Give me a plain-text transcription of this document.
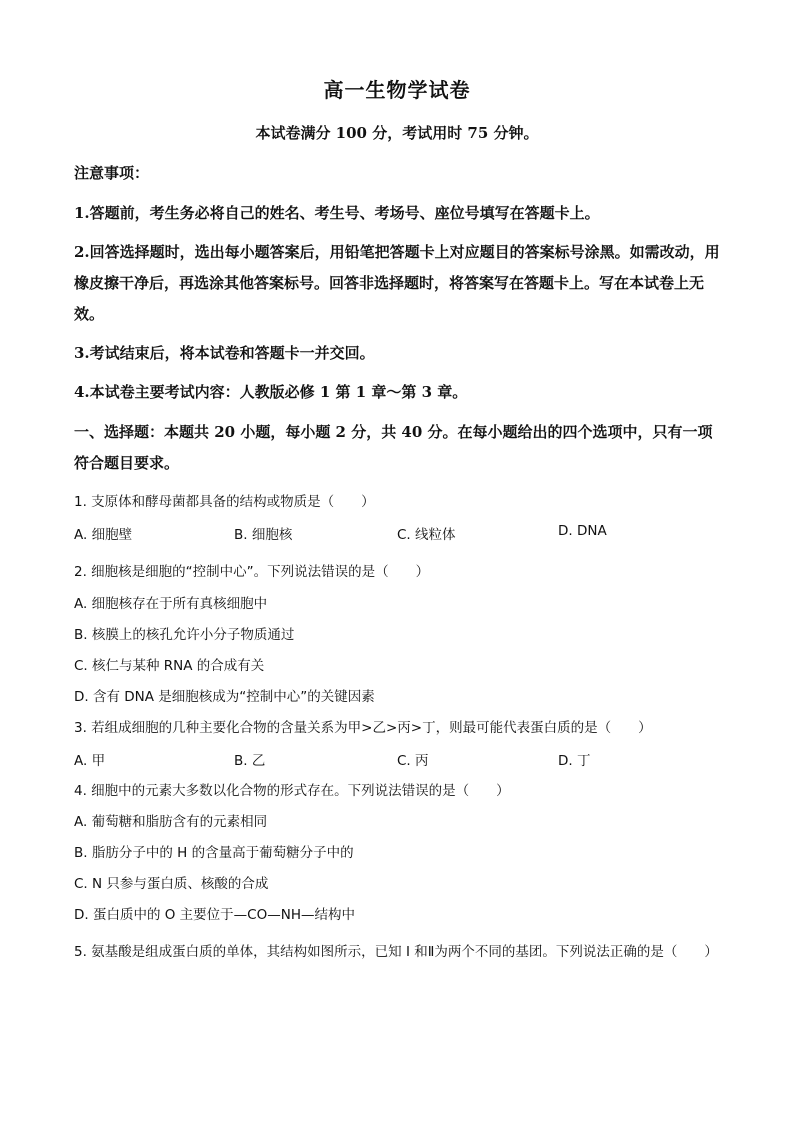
高一生物学试卷
本试卷满分 100 分，考试用时 75 分钟。
注意事项：
1.答题前，考生务必将自己的姓名、考生号、考场号、座位号填写在答题卡上。
2.回答选择题时，选出每小题答案后，用铅笔把答题卡上对应题目的答案标号涂黑。如需改动，用橡皮擦干净后，再选涂其他答案标号。回答非选择题时，将答案写在答题卡上。写在本试卷上无效。
3.考试结束后，将本试卷和答题卡一并交回。
4.本试卷主要考试内容：人教版必修 1 第 1 章～第 3 章。
一、选择题：本题共 20 小题，每小题 2 分，共 40 分。在每小题给出的四个选项中，只有一项符合题目要求。
1. 支原体和酵母菌都具备的结构或物质是（　　）
A. 细胞壁	B. 细胞核	C. 线粒体	D. DNA
2. 细胞核是细胞的“控制中心”。下列说法错误的是（　　）
A. 细胞核存在于所有真核细胞中
B. 核膜上的核孔允许小分子物质通过
C. 核仁与某种 RNA 的合成有关
D. 含有 DNA 是细胞核成为“控制中心”的关键因素
3. 若组成细胞的几种主要化合物的含量关系为甲>乙>丙>丁，则最可能代表蛋白质的是（　　）
A. 甲	B. 乙	C. 丙	D. 丁
4. 细胞中的元素大多数以化合物的形式存在。下列说法错误的是（　　）
A. 葡萄糖和脂肪含有的元素相同
B. 脂肪分子中的 H 的含量高于葡萄糖分子中的
C. N 只参与蛋白质、核酸的合成
D. 蛋白质中的 O 主要位于—CO—NH—结构中
5. 氨基酸是组成蛋白质的单体，其结构如图所示，已知 I 和Ⅱ为两个不同的基团。下列说法正确的是（　　）
